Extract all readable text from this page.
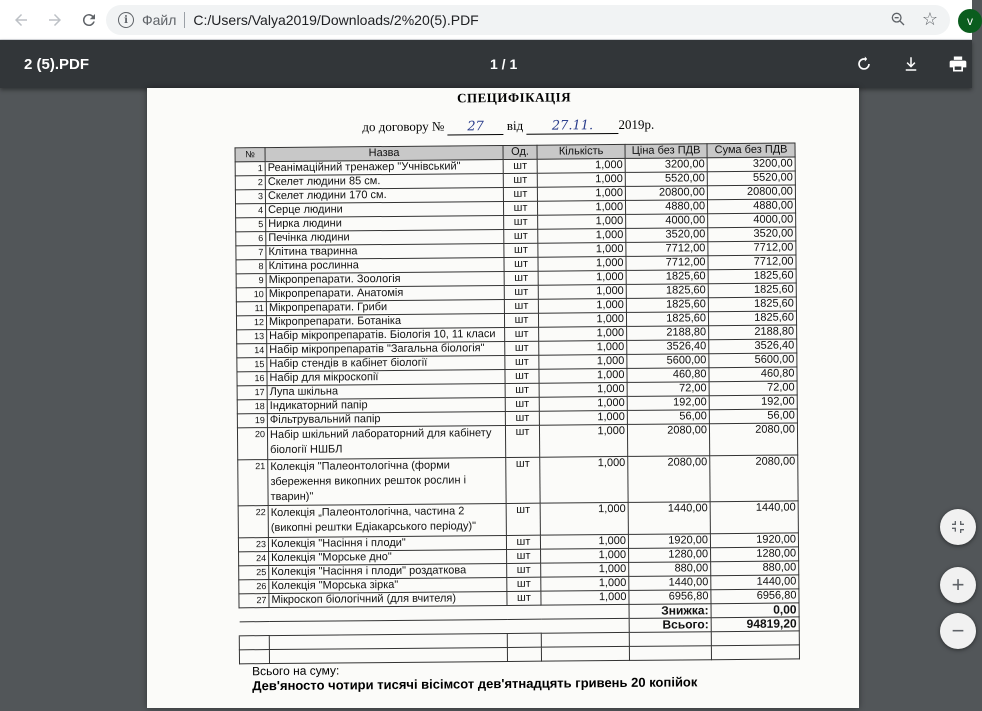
i	Файл C:/Users/Valya2019/Downloads/2%20(5).PDF	☆	v
2 (5).PDF	1 / 1
СПЕЦИФІКАЦІЯ
до договору № 27 від 27.11. 2019р.
№	Назва	Од.	Кількість	Ціна без ПДВ	Сума без ПДВ
1	Реанімаційний тренажер "Учнівський"	шт	1,000	3200,00	3200,00
2	Скелет людини 85 см.	шт	1,000	5520,00	5520,00
3	Скелет людини 170 см.	шт	1,000	20800,00	20800,00
4	Серце людини	шт	1,000	4880,00	4880,00
5	Нирка людини	шт	1,000	4000,00	4000,00
6	Печінка людини	шт	1,000	3520,00	3520,00
7	Клітина тваринна	шт	1,000	7712,00	7712,00
8	Клітина рослинна	шт	1,000	7712,00	7712,00
9	Мікропрепарати. Зоологія	шт	1,000	1825,60	1825,60
10	Мікропрепарати. Анатомія	шт	1,000	1825,60	1825,60
11	Мікропрепарати. Гриби	шт	1,000	1825,60	1825,60
12	Мікропрепарати. Ботаніка	шт	1,000	1825,60	1825,60
13	Набір мікропрепаратів. Біологія 10, 11 класи	шт	1,000	2188,80	2188,80
14	Набір мікропрепаратів "Загальна біологія"	шт	1,000	3526,40	3526,40
15	Набір стендів в кабінет біології	шт	1,000	5600,00	5600,00
16	Набір для мікроскопії	шт	1,000	460,80	460,80
17	Лупа шкільна	шт	1,000	72,00	72,00
18	Індикаторний папір	шт	1,000	192,00	192,00
19	Фільтрувальний папір	шт	1,000	56,00	56,00
20	Набір шкільний лабораторний для кабінету біології НШБЛ	шт	1,000	2080,00	2080,00
21	Колекція "Палеонтологічна (форми збереження викопних решток рослин і тварин)"	шт	1,000	2080,00	2080,00
22	Колекція „Палеонтологічна, частина 2 (викопні рештки Едіакарського періоду)"	шт	1,000	1440,00	1440,00
23	Колекція "Насіння і плоди"	шт	1,000	1920,00	1920,00
24	Колекція "Морське дно"	шт	1,000	1280,00	1280,00
25	Колекція "Насіння і плоди" роздаткова	шт	1,000	880,00	880,00
26	Колекція "Морська зірка"	шт	1,000	1440,00	1440,00
27	Мікроскоп біологічний (для вчителя)	шт	1,000	6956,80	6956,80
				Знижка:	0,00
				Всього:	94819,20

Всього на суму:
Дев'яносто чотири тисячі вісімсот дев'ятнадцять гривень 20 копійок
+
−
